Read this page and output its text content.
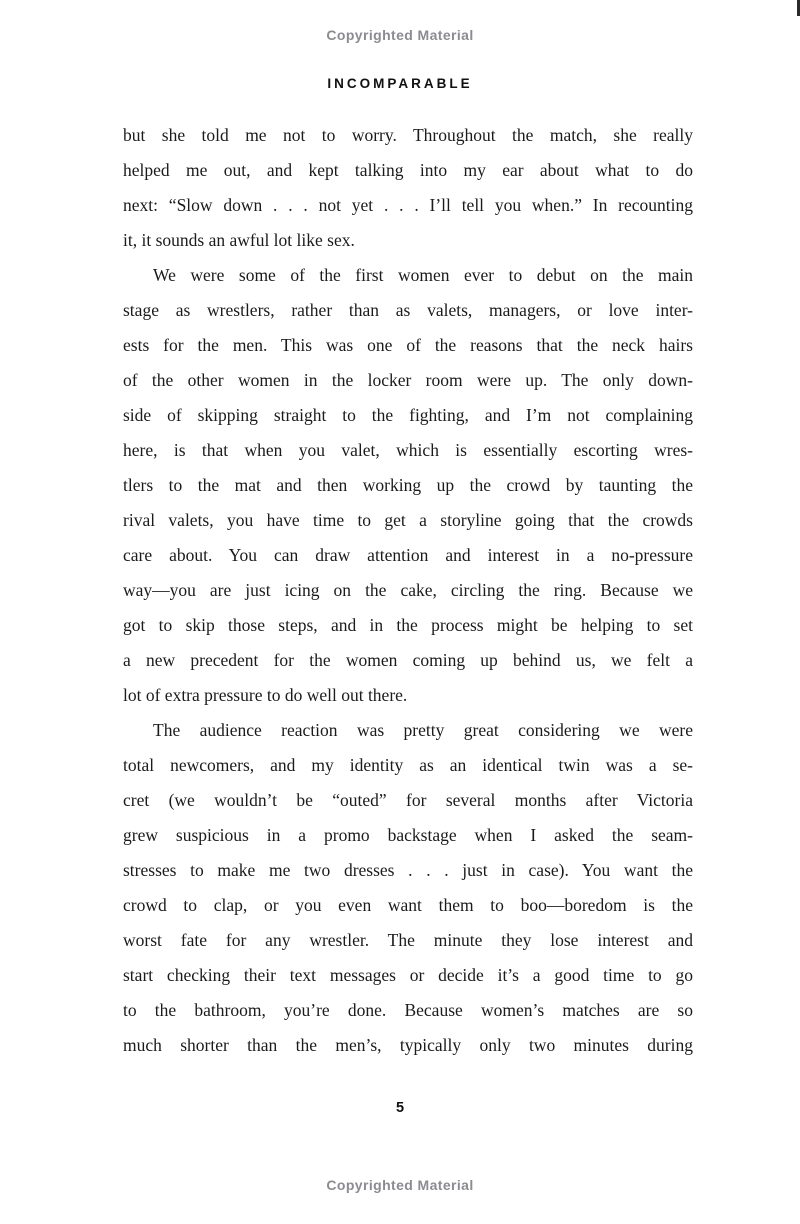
Copyrighted Material
INCOMPARABLE
but she told me not to worry. Throughout the match, she really
helped me out, and kept talking into my ear about what to do
next: “Slow down . . . not yet . . . I’ll tell you when.” In recounting
it, it sounds an awful lot like sex.
We were some of the first women ever to debut on the main
stage as wrestlers, rather than as valets, managers, or love inter-
ests for the men. This was one of the reasons that the neck hairs
of the other women in the locker room were up. The only down-
side of skipping straight to the fighting, and I’m not complaining
here, is that when you valet, which is essentially escorting wres-
tlers to the mat and then working up the crowd by taunting the
rival valets, you have time to get a storyline going that the crowds
care about. You can draw attention and interest in a no-pressure
way—you are just icing on the cake, circling the ring. Because we
got to skip those steps, and in the process might be helping to set
a new precedent for the women coming up behind us, we felt a
lot of extra pressure to do well out there.
The audience reaction was pretty great considering we were
total newcomers, and my identity as an identical twin was a se-
cret (we wouldn’t be “outed” for several months after Victoria
grew suspicious in a promo backstage when I asked the seam-
stresses to make me two dresses . . . just in case). You want the
crowd to clap, or you even want them to boo—boredom is the
worst fate for any wrestler. The minute they lose interest and
start checking their text messages or decide it’s a good time to go
to the bathroom, you’re done. Because women’s matches are so
much shorter than the men’s, typically only two minutes during
5
Copyrighted Material
